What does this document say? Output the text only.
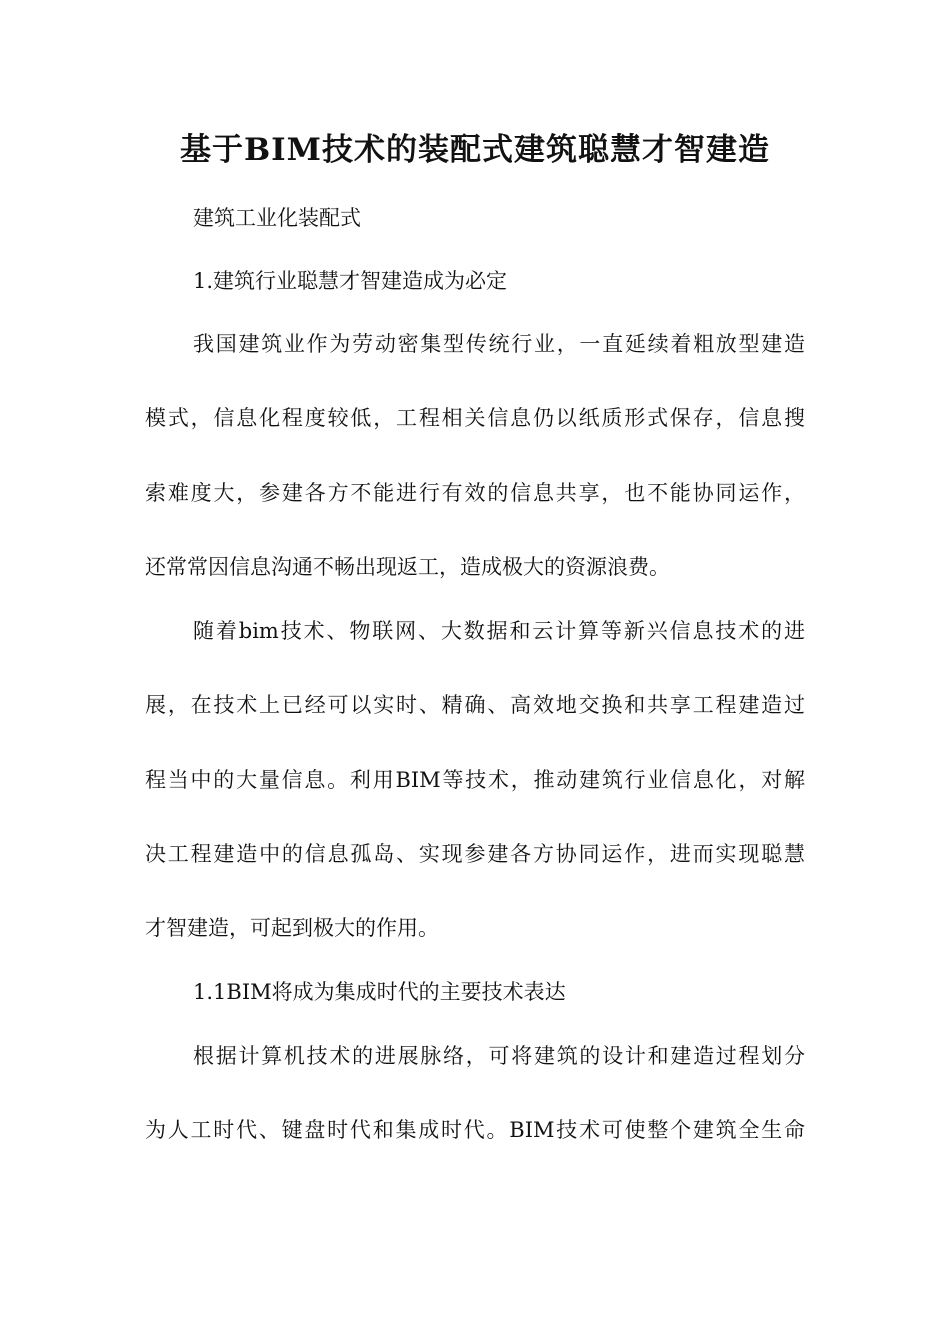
基于BIM技术的装配式建筑聪慧才智建造

建筑工业化装配式

1.建筑行业聪慧才智建造成为必定

我国建筑业作为劳动密集型传统行业，一直延续着粗放型建造

模式，信息化程度较低，工程相关信息仍以纸质形式保存，信息搜

索难度大，参建各方不能进行有效的信息共享，也不能协同运作，

还常常因信息沟通不畅出现返工，造成极大的资源浪费。

随着bim技术、物联网、大数据和云计算等新兴信息技术的进

展，在技术上已经可以实时、精确、高效地交换和共享工程建造过

程当中的大量信息。利用BIM等技术，推动建筑行业信息化，对解

决工程建造中的信息孤岛、实现参建各方协同运作，进而实现聪慧

才智建造，可起到极大的作用。

1.1BIM将成为集成时代的主要技术表达

根据计算机技术的进展脉络，可将建筑的设计和建造过程划分

为人工时代、键盘时代和集成时代。BIM技术可使整个建筑全生命
